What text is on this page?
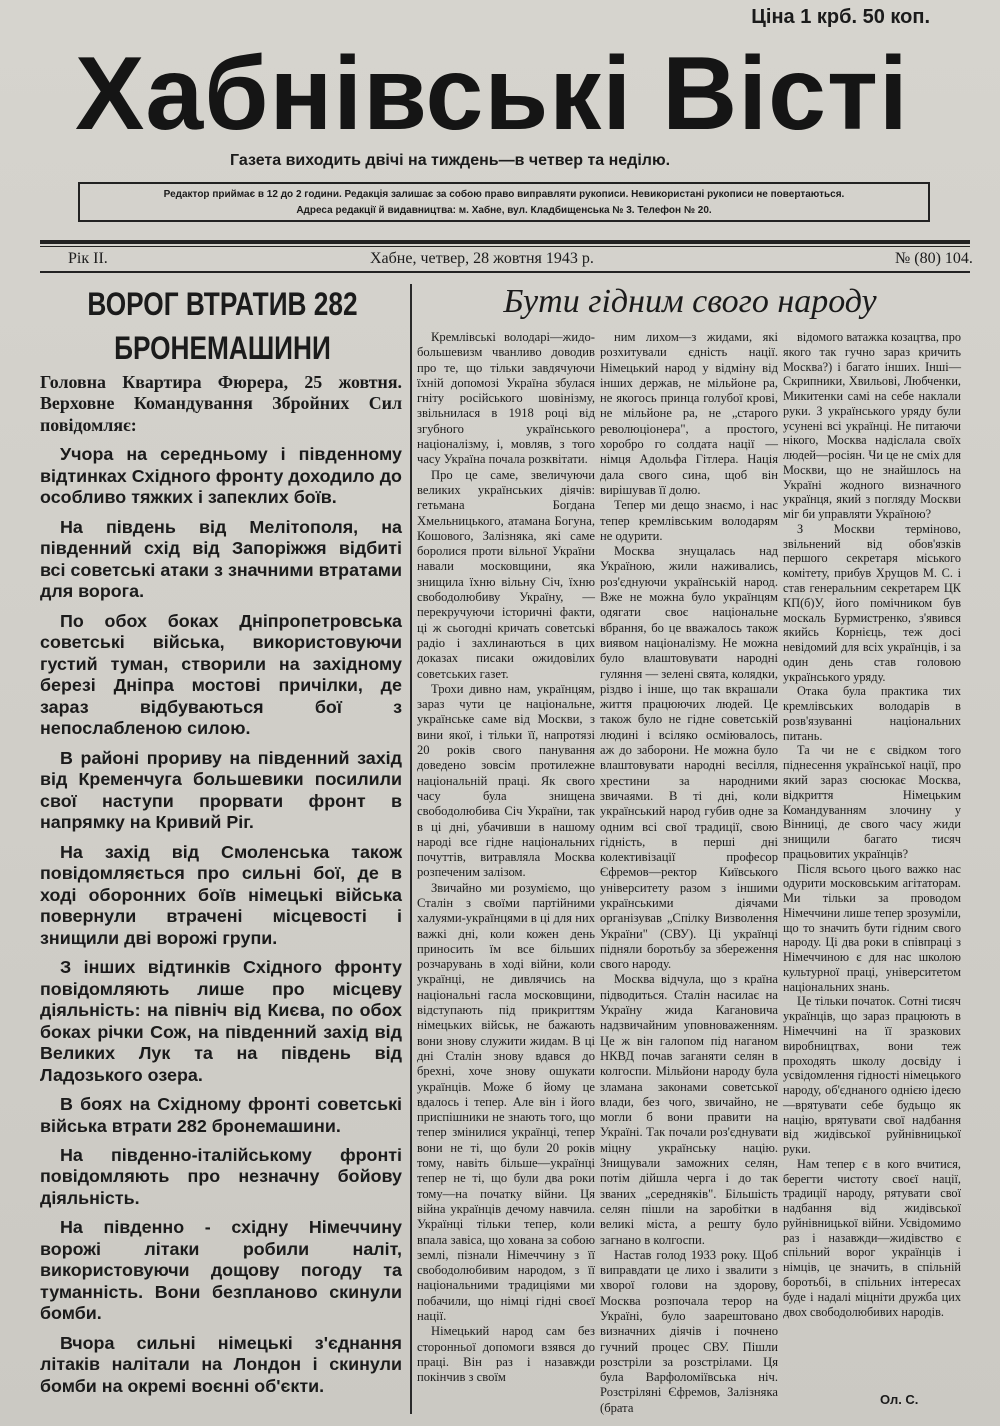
Ціна 1 крб. 50 коп.
Хабнівські Вісті
Газета виходить двічі на тиждень—в четвер та неділю.
Редактор приймає в 12 до 2 години. Редакція залишає за собою право виправляти рукописи. Невикористані рукописи не повертаються.
Адреса редакції й видавництва: м. Хабне, вул. Кладбищенська № 3. Телефон № 20.
Рік II.	Хабне, четвер, 28 жовтня 1943 р.	№ (80) 104.
ВОРОГ ВТРАТИВ 282 БРОНЕМАШИНИ

Головна Квартира Фюрера, 25 жовтня. Верховне Командування Збройних Сил повідомляє:

Учора на середньому і південному відтинках Східного фронту доходило до особливо тяжких і запеклих боїв.

На південь від Мелітополя, на південний схід від Запоріжжя відбиті всі советські атаки з значними втратами для ворога.

По обох боках Дніпропетровська советські війська, використовуючи густий туман, створили на західному березі Дніпра мостові причілки, де зараз відбуваються бої з непослабленою силою.

В районі прориву на південний захід від Кременчуга большевики посилили свої наступи прорвати фронт в напрямку на Кривий Ріг.

На захід від Смоленська також повідомляється про сильні бої, де в ході оборонних боїв німецькі війська повернули втрачені місцевості і знищили дві ворожі групи.

З інших відтинків Східного фронту повідомляють лише про місцеву діяльність: на північ від Києва, по обох боках річки Сож, на південний захід від Великих Лук та на південь від Ладозького озера.

В боях на Східному фронті советські війська втрати 282 бронемашини.

На південно-італійському фронті повідомляють про незначну бойову діяльність.

На південно - східну Німеччину ворожі літаки робили наліт, використовуючи дощову погоду та туманність. Вони безплановo скинули бомби.

Вчора сильні німецькі з'єднання літаків налітали на Лондон і скинули бомби на окремі воєнні об'єкти.

Бути гідним свого народу

Кремлівські володарі—жидо-большевизм чванливо доводив про те, що тільки завдячуючи їхній допомозі Україна збулася гніту російського шовінізму, звільнилася в 1918 році від згубного українського націоналізму, і, мовляв, з того часу Україна почала розквітати.

Про це саме, звеличуючи великих українських діячів: гетьмана Богдана Хмельницького, атамана Богуна, Кошового, Залізняка, які саме боролися проти вільної України навали московщини, яка знищила їхню вільну Січ, їхню свободолюбиву Україну, — перекручуючи історичні факти, ці ж сьогодні кричать советські радіо і захлинаються в цих доказах писаки ожидовілих советських газет.

Трохи дивно нам, українцям, зараз чути це національне, українське саме від Москви, з вини якої, і тільки її, напротязі 20 років свого панування доведено зовсім протилежне національній праці. Як свого часу була знищена свободолюбива Січ України, так в ці дні, убачивши в нашому народі все гідне національних почуттів, витравляла Москва розпеченим залізом.

Звичайно ми розуміємо, що Сталін з своїми партійними халуями-українцями в ці для них важкі дні, коли кожен день приносить їм все більших розчарувань в ході війни, коли українці, не дивлячись на національні гасла московщини, відступають під прикриттям німецьких військ, не бажають вони знову служити жидам. В ці дні Сталін знову вдався до брехні, хоче знову ошукати українців. Може б йому це вдалось і тепер. Але він і його приспішники не знають того, що тепер змінилися українці, тепер вони не ті, що були 20 років тому, навіть більше—українці тепер не ті, що були два роки тому—на початку війни. Ця війна українців дечому навчила. Українці тільки тепер, коли впала завіса, що хована за собою землі, пізнали Німеччину з її свободолюбивим народом, з її національними традиціями ми побачили, що німці гідні своєї нації.

Німецький народ сам без сторонньої допомоги взявся до праці. Він раз і назавжди покінчив з своїм

ним лихом—з жидами, які розхитували єдність нації. Німецький народ у відміну від інших держав, не мільйоне ра, не якогось принца голубої крові, не мільйоне ра, не „старого революціонера", а простого, хоробро го солдата нації — німця Адольфа Гітлера. Нація дала свого сина, щоб він вирішував її долю.

Тепер ми дещо знаємо, і нас тепер кремлівським володарям не одурити.

Москва знущалась над Україною, жили наживались, роз'єднуючи українській народ. Вже не можна було українцям одягати своє національне вбрання, бо це вважалось також виявом націоналізму. Не можна було влаштовувати народні гуляння — зелені свята, колядки, різдво і інше, що так вкрашали життя працюючих людей. Це також було не гідне советській людині і всіляко осміювалось, аж до заборони. Не можна було влаштовувати народні весілля, хрестини за народними звичаями. В ті дні, коли український народ губив одне за одним всі свої традиції, свою гідність, в перші дні колективізації професор Єфремов—ректор Київського університету разом з іншими українськими діячами організував „Спілку Визволення України" (СВУ). Ці українці підняли боротьбу за збереження свого народу.

Москва відчула, що з країна підводиться. Сталін насилає на Україну жида Кагановича надзвичайним уповноваженням. Це ж він галопом під наганом НКВД почав заганяти селян в колгоспи. Мільйони народу була зламана законами советської влади, без чого, звичайно, не могли б вони правити на Україні. Так почали роз'єднувати міцну українську націю. Знищували заможних селян, потім дійшла черга і до так званих „середняків". Більшість селян пішли на заробітки в великі міста, а решту було загнано в колгоспи.

Настав голод 1933 року. Щоб виправдати це лихо і звалити з хворої голови на здорову, Москва розпочала терор на Україні, було заарештовано визначних діячів і почнено гучний процес СВУ. Пішли розстріли за розстрілами. Ця була Варфоломіївська ніч. Розстріляні Єфремов, Залізняка (брата

відомого ватажка козацтва, про якого так гучно зараз кричить Москва?) і багато інших. Інші—Скрипники, Хвильові, Любченки, Микитенки самі на себе наклали руки. З українського уряду були усунені всі українці. Не питаючи нікого, Москва надіслала своїх людей—росіян. Чи це не сміх для Москви, що не знайшлось на Україні жодного визначного українця, який з погляду Москви міг би управляти Україною?

З Москви терміново, звільнений від обов'язків першого секретаря міського комітету, прибув Хрущов М. С. і став генеральним секретарем ЦК КП(б)У, його помічником був москаль Бурмистренко, з'явився якийсь Корнієць, теж досі невідомий для всіх українців, і за один день став головою українського уряду.

Отака була практика тих кремлівських володарів в розв'язуванні національних питань.

Та чи не є свідком того піднесення української нації, про який зараз сюсюкає Москва, відкриття Німецьким Командуванням злочину у Вінниці, де свого часу жиди знищили багато тисяч працьовитих українців?

Після всього цього важко нас одурити московським агітаторам. Ми тільки за проводом Німеччини лише тепер зрозуміли, що то значить бути гідним свого народу. Ці два роки в співпраці з Німеччиною є для нас школою культурної праці, університетом національних знань.

Це тільки початок. Сотні тисяч українців, що зараз працюють в Німеччині на її зразкових виробництвах, вони теж проходять школу досвіду і усвідомлення гідності німецького народу, об'єднаного однією ідеєю—врятувати себе будьщо як націю, врятувати свої надбання від жидівської руйнівницької руки.

Нам тепер є в кого вчитися, берегти чистоту своєї нації, традиції народу, рятувати свої надбання від жидівської руйнівницької війни. Усвідомимо раз і назавжди—жидівство є спільний ворог українців і німців, це значить, в спільній боротьбі, в спільних інтересах буде і надалі міцніти дружба цих двох свободолюбивих народів.

Ол. С.
